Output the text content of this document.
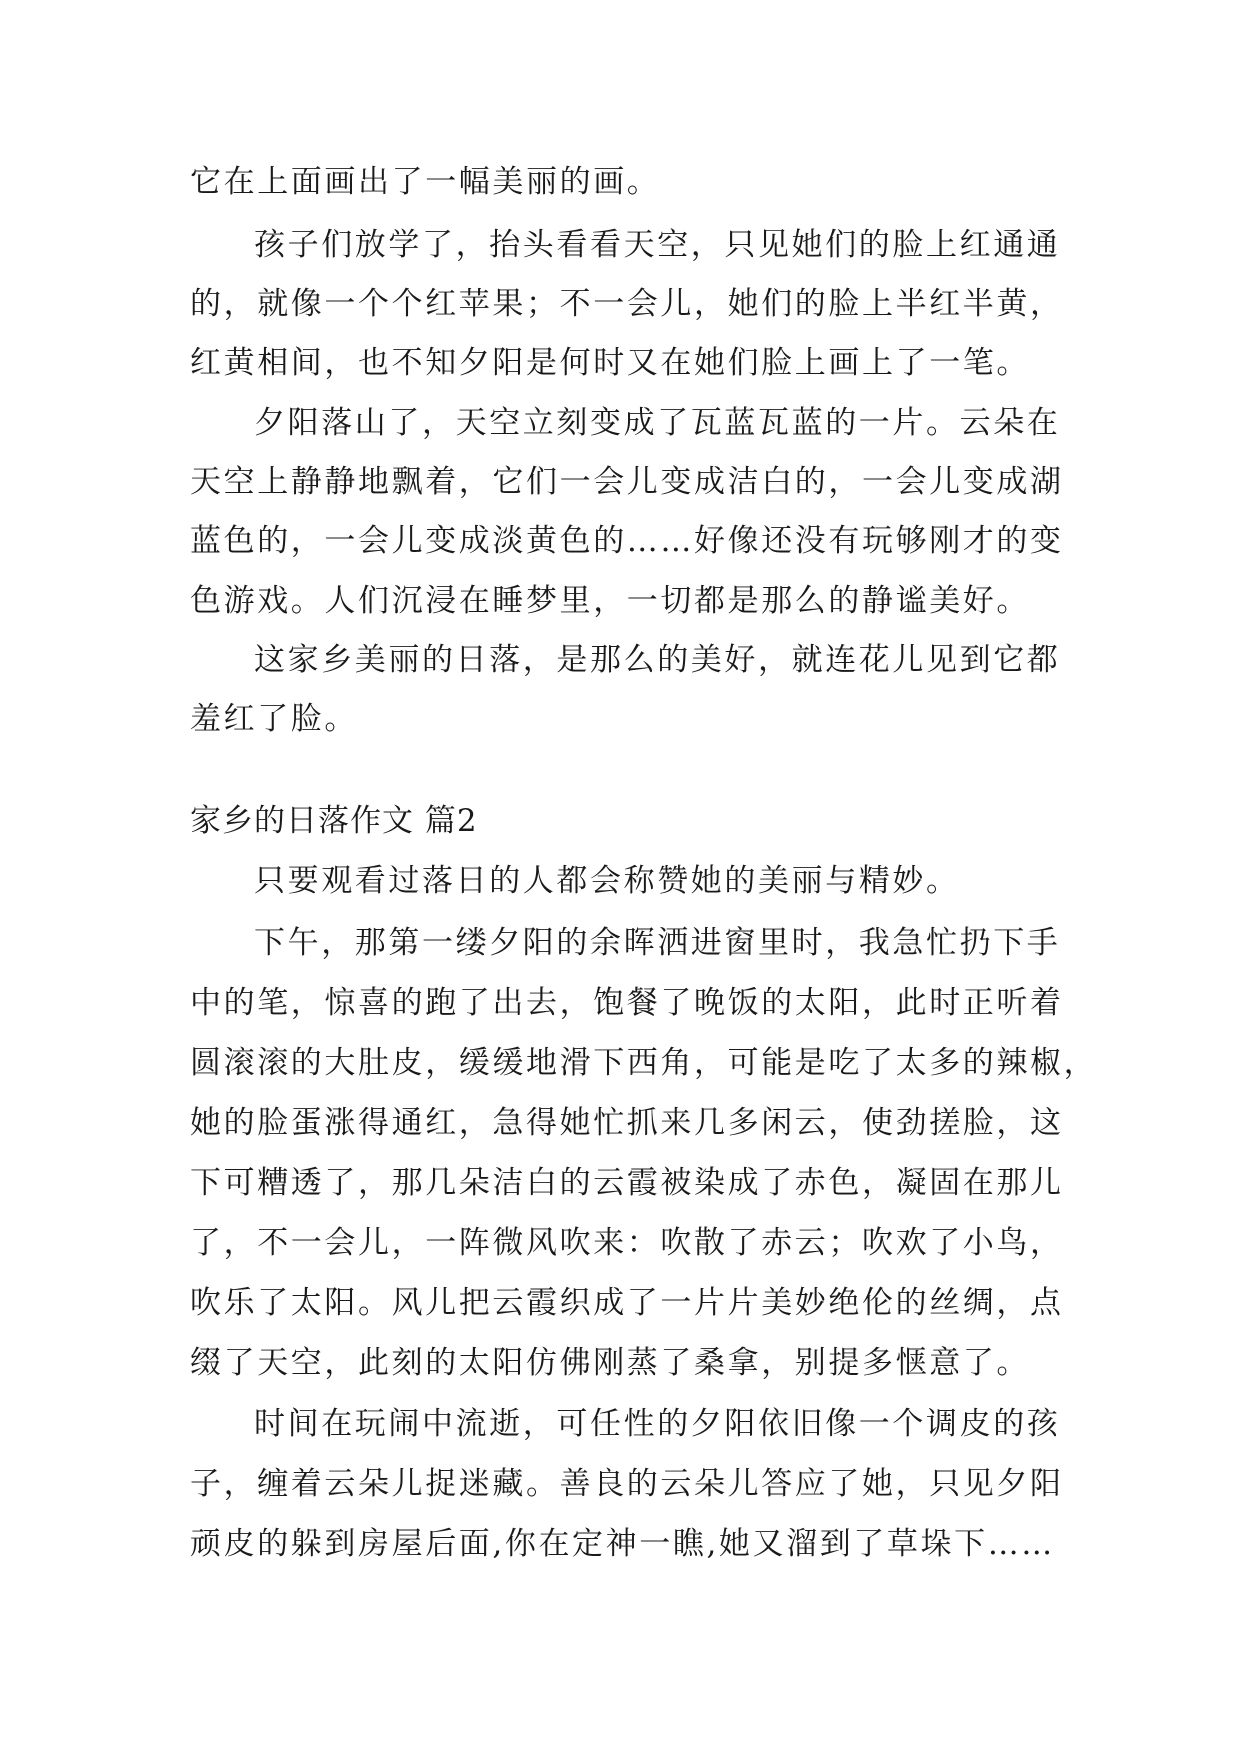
它在上面画出了一幅美丽的画。
孩子们放学了，抬头看看天空，只见她们的脸上红通通
的，就像一个个红苹果；不一会儿，她们的脸上半红半黄，
红黄相间，也不知夕阳是何时又在她们脸上画上了一笔。
夕阳落山了，天空立刻变成了瓦蓝瓦蓝的一片。云朵在
天空上静静地飘着，它们一会儿变成洁白的，一会儿变成湖
蓝色的，一会儿变成淡黄色的……好像还没有玩够刚才的变
色游戏。人们沉浸在睡梦里，一切都是那么的静谧美好。
这家乡美丽的日落，是那么的美好，就连花儿见到它都
羞红了脸。
家乡的日落作文 篇2
只要观看过落日的人都会称赞她的美丽与精妙。
下午，那第一缕夕阳的余晖洒进窗里时，我急忙扔下手
中的笔，惊喜的跑了出去，饱餐了晚饭的太阳，此时正听着
圆滚滚的大肚皮，缓缓地滑下西角，可能是吃了太多的辣椒，
她的脸蛋涨得通红，急得她忙抓来几多闲云，使劲搓脸，这
下可糟透了，那几朵洁白的云霞被染成了赤色，凝固在那儿
了，不一会儿，一阵微风吹来：吹散了赤云；吹欢了小鸟，
吹乐了太阳。风儿把云霞织成了一片片美妙绝伦的丝绸，点
缀了天空，此刻的太阳仿佛刚蒸了桑拿，别提多惬意了。
时间在玩闹中流逝，可任性的夕阳依旧像一个调皮的孩
子，缠着云朵儿捉迷藏。善良的云朵儿答应了她，只见夕阳
顽皮的躲到房屋后面,你在定神一瞧,她又溜到了草垛下……
